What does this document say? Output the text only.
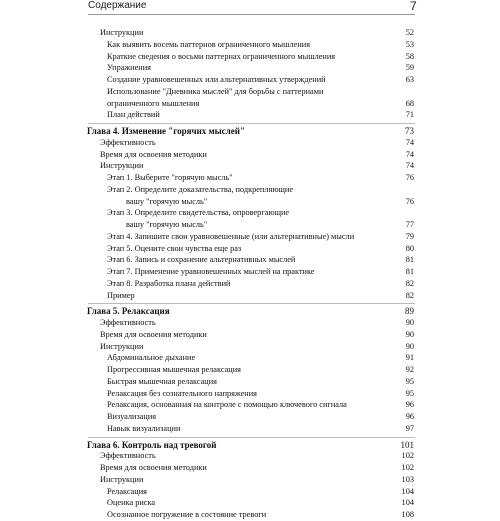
Содержание	7
Инструкции	52
Как выявить восемь паттернов ограниченного мышления	53
Краткие сведения о восьми паттернах ограниченного мышления	58
Упражнения	59
Создание уравновешенных или альтернативных утверждений	63
Использование "Дневника мыслей" для борьбы с паттернами
ограниченного мышления	68
План действий	71
Глава 4. Изменение "горячих мыслей"	73
Эффективность	74
Время для освоения методики	74
Инструкции	74
Этап 1. Выберите "горячую мысль"	76
Этап 2. Определите доказательства, подкрепляющие
вашу "горячую мысль"	76
Этап 3. Определите свидетельства, опровергающие
вашу "горячую мысль"	77
Этап 4. Запишите свои уравновешенные (или альтернативные) мысли	79
Этап 5. Оцените свои чувства еще раз	80
Этап 6. Запись и сохранение альтернативных мыслей	81
Этап 7. Применение уравновешенных мыслей на практике	81
Этап 8. Разработка плана действий	82
Пример	82
Глава 5. Релаксация	89
Эффективность	90
Время для освоения методики	90
Инструкции	90
Абдоминальное дыхание	91
Прогрессивная мышечная релаксация	92
Быстрая мышечная релаксация	95
Релаксация без сознательного напряжения	95
Релаксация, основанная на контроле с помощью ключевого сигнала	96
Визуализация	96
Навык визуализации	97
Глава 6. Контроль над тревогой	101
Эффективность	102
Время для освоения методики	102
Инструкции	103
Релаксация	104
Оценка риска	104
Осознанное погружение в состояние тревоги	108
